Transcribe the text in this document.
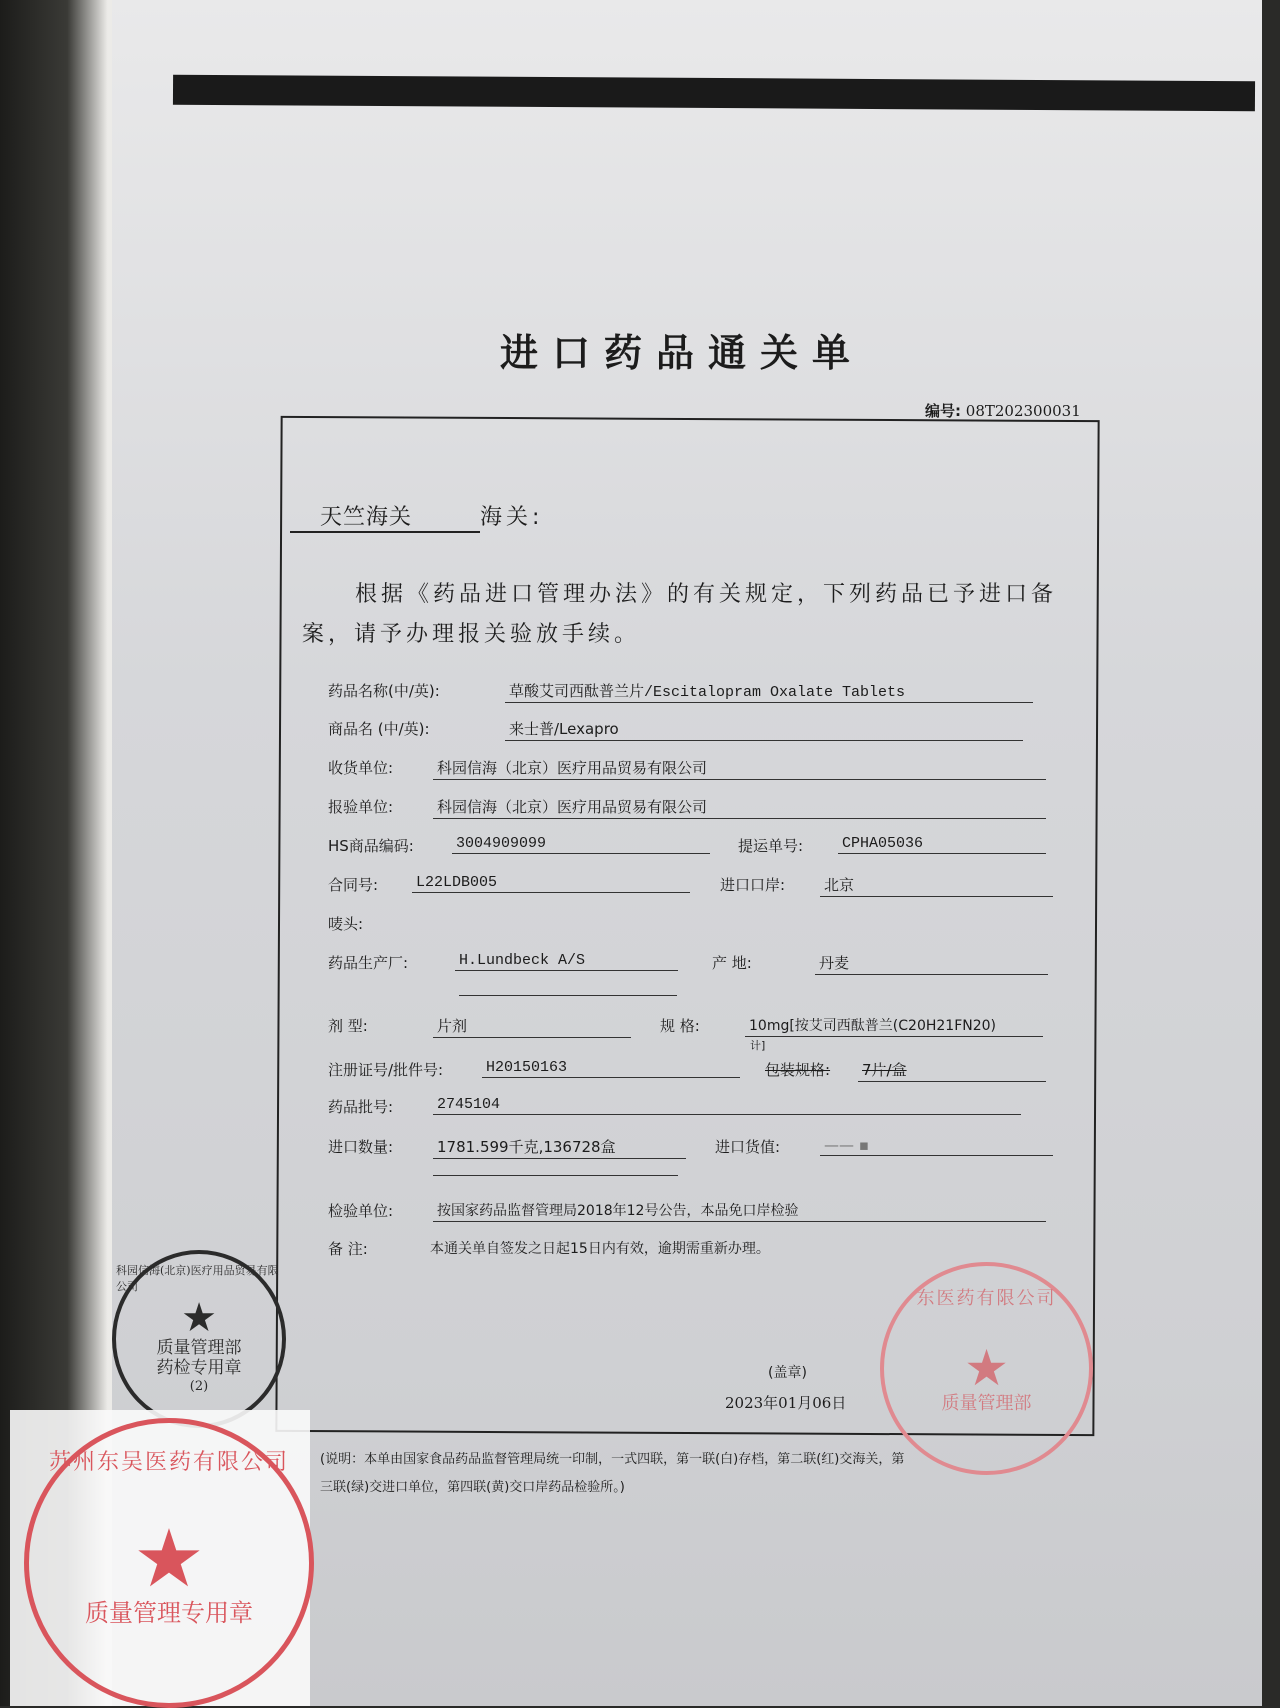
进口药品通关单
编号: 08T202300031
天竺海关	海关:
根据《药品进口管理办法》的有关规定，下列药品已予进口备
案，请予办理报关验放手续。
药品名称(中/英):	草酸艾司西酞普兰片/Escitalopram Oxalate Tablets
商品名 (中/英):	来士普/Lexapro
收货单位:	科园信海（北京）医疗用品贸易有限公司
报验单位:	科园信海（北京）医疗用品贸易有限公司
HS商品编码:	3004909099	提运单号:	CPHA05036
合同号:	L22LDB005	进口口岸:	北京
唛头:
药品生产厂:	H.Lundbeck A/S	产 地:	丹麦
剂 型:	片剂	规 格:	10mg[按艾司西酞普兰(C20H21FN20)
计]
注册证号/批件号:	H20150163	包装规格: 7片/盒
药品批号:	2745104
进口数量:	1781.599千克,136728盒	进口货值:	—— ▪
检验单位:	按国家药品监督管理局2018年12号公告，本品免口岸检验
备 注:	本通关单自签发之日起15日内有效，逾期需重新办理。
(盖章)
2023年01月06日
(说明：本单由国家食品药品监督管理局统一印制，一式四联，第一联(白)存档，第二联(红)交海关，第
三联(绿)交进口单位，第四联(黄)交口岸药品检验所。)
科园信海(北京)医疗用品贸易有限公司
★
质量管理部
药检专用章
(2)
东医药有限公司
★
质量管理部
苏州东吴医药有限公司
★
质量管理专用章
